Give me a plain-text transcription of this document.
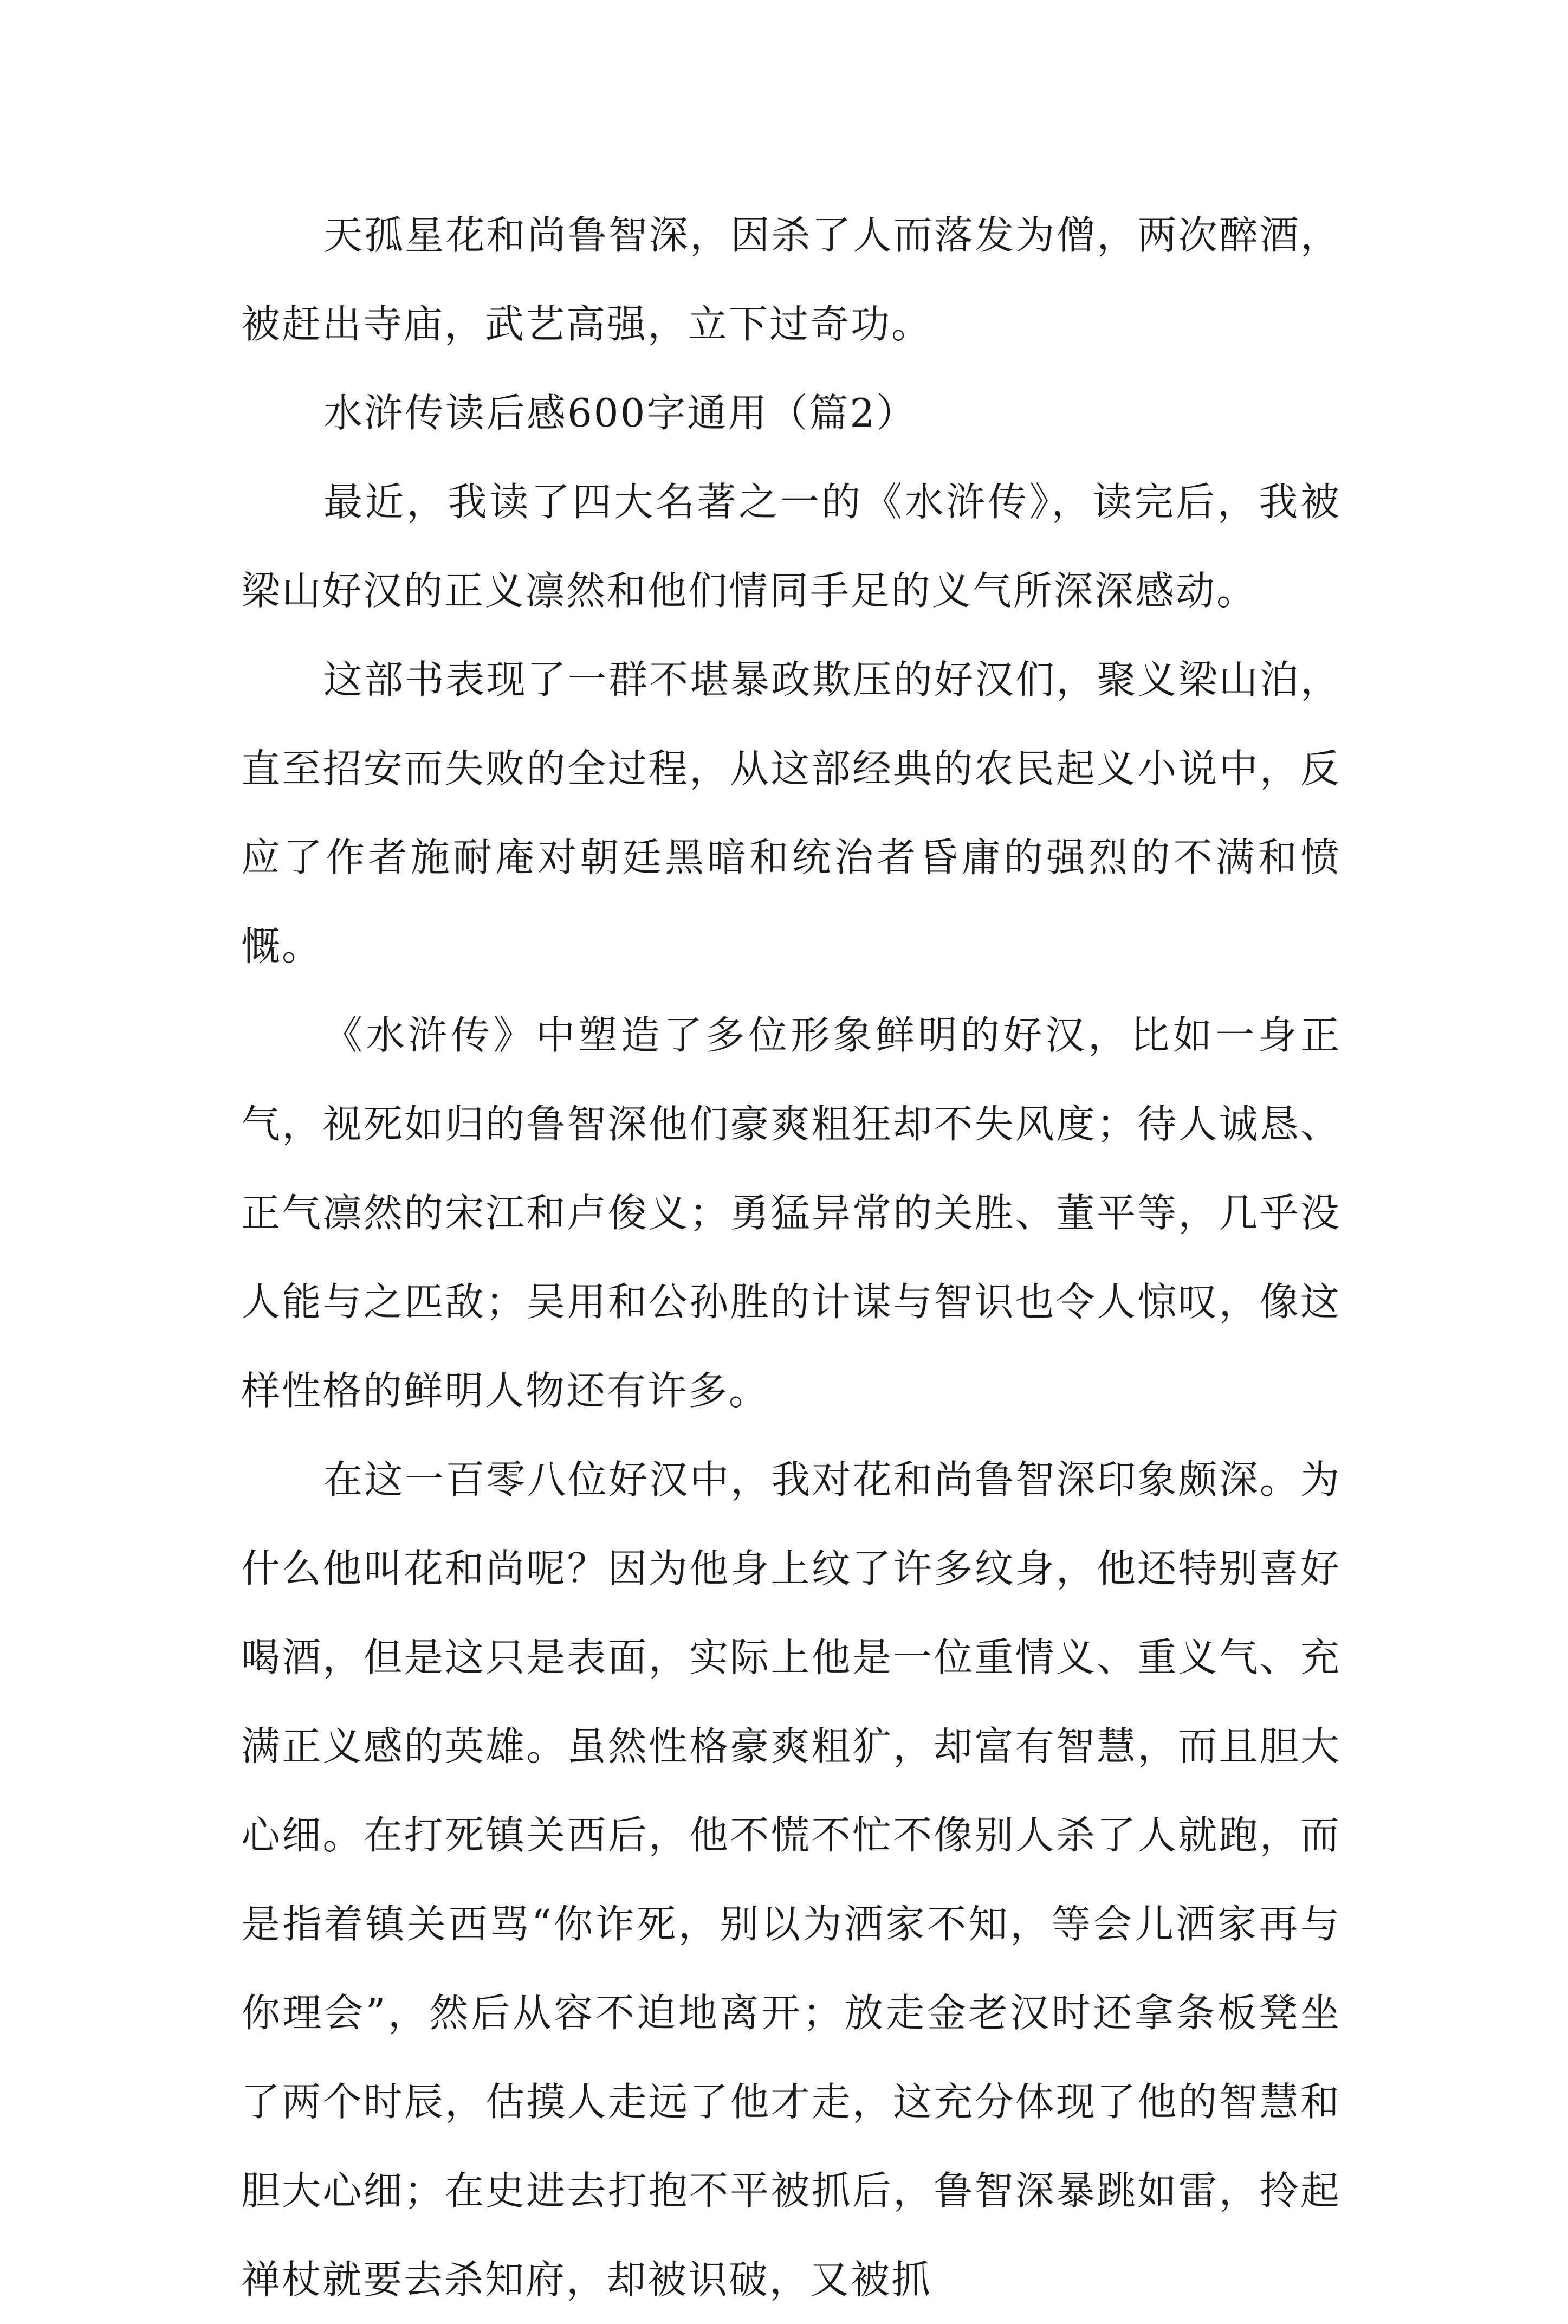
天孤星花和尚鲁智深，因杀了人而落发为僧，两次醉酒，被赶出寺庙，武艺高强，立下过奇功。

水浒传读后感600字通用（篇2）

最近，我读了四大名著之一的《水浒传》，读完后，我被梁山好汉的正义凛然和他们情同手足的义气所深深感动。

这部书表现了一群不堪暴政欺压的好汉们，聚义梁山泊，直至招安而失败的全过程，从这部经典的农民起义小说中，反应了作者施耐庵对朝廷黑暗和统治者昏庸的强烈的不满和愤慨。

《水浒传》中塑造了多位形象鲜明的好汉，比如一身正气，视死如归的鲁智深他们豪爽粗狂却不失风度；待人诚恳、正气凛然的宋江和卢俊义；勇猛异常的关胜、董平等，几乎没人能与之匹敌；吴用和公孙胜的计谋与智识也令人惊叹，像这样性格的鲜明人物还有许多。

在这一百零八位好汉中，我对花和尚鲁智深印象颇深。为什么他叫花和尚呢？因为他身上纹了许多纹身，他还特别喜好喝酒，但是这只是表面，实际上他是一位重情义、重义气、充满正义感的英雄。虽然性格豪爽粗犷，却富有智慧，而且胆大心细。在打死镇关西后，他不慌不忙不像别人杀了人就跑，而是指着镇关西骂“你诈死，别以为洒家不知，等会儿洒家再与你理会”，然后从容不迫地离开；放走金老汉时还拿条板凳坐了两个时辰，估摸人走远了他才走，这充分体现了他的智慧和胆大心细；在史进去打抱不平被抓后，鲁智深暴跳如雷，拎起禅杖就要去杀知府，却被识破，又被抓
